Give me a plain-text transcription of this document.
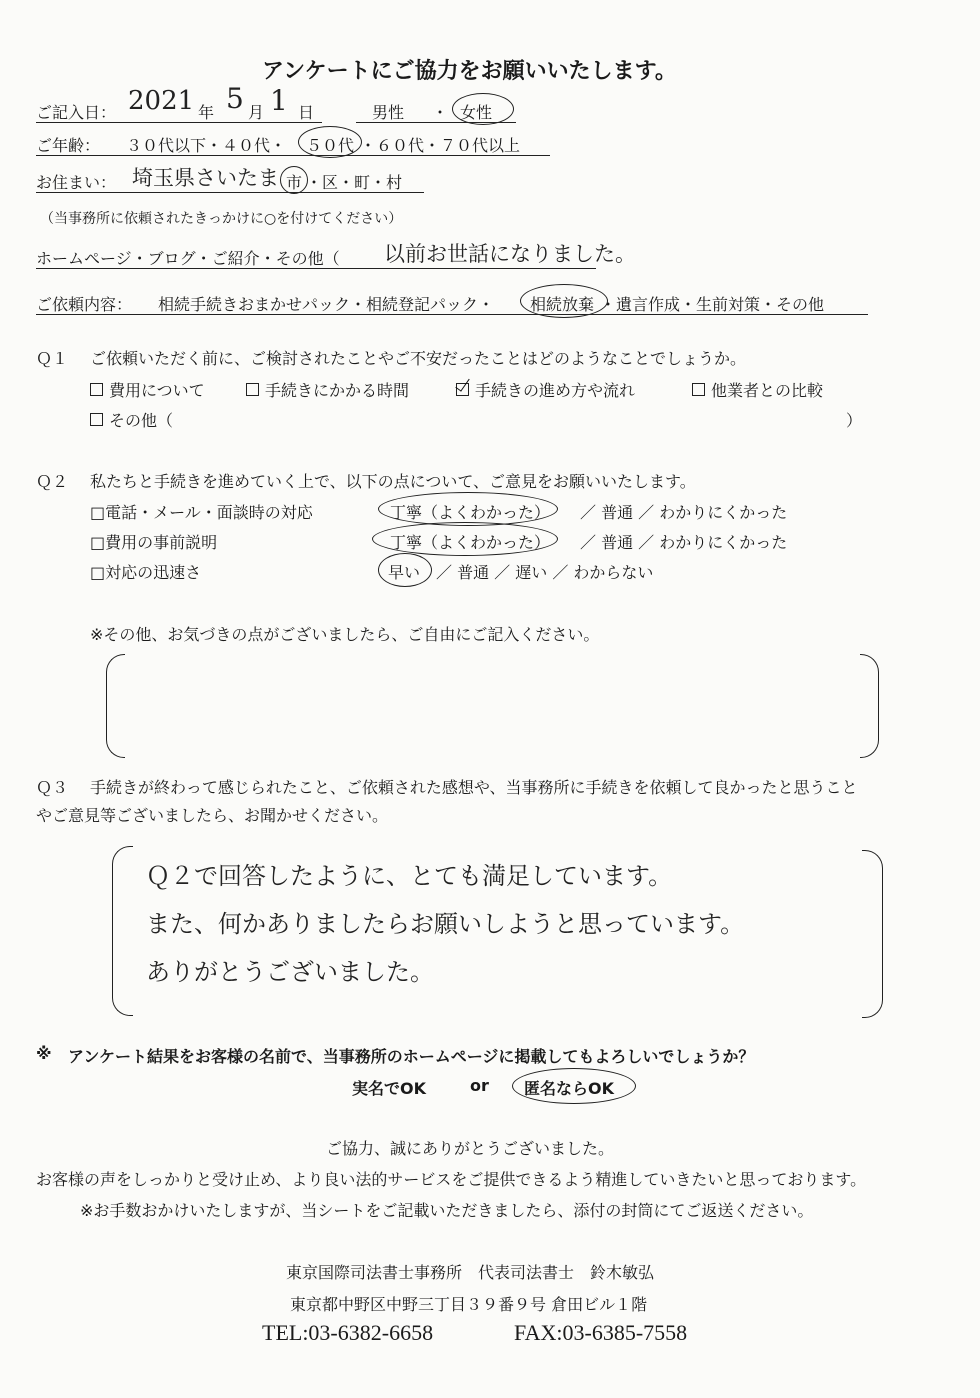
アンケートにご協力をお願いいたします。
ご記入日： 2021 年 5 月 1 日	男性 ・ 女性
ご年齢： ３０代以下・４０代・ ５０代 ・６０代・７０代以上
お住まい： 埼玉県さいたま 市 ・区・町・村
（当事務所に依頼されたきっかけに○を付けてください）
ホームページ・ブログ・ご紹介・その他（ 以前お世話になりました。
ご依頼内容： 相続手続きおまかせパック・相続登記パック・ 相続放棄 ・遺言作成・生前対策・その他
Ｑ１ ご依頼いただく前に、ご検討されたことやご不安だったことはどのようなことでしょうか。
費用について	手続きにかかる時間	手続きの進め方や流れ	他業者との比較
その他（	）
Ｑ２ 私たちと手続きを進めていく上で、以下の点について、ご意見をお願いいたします。
□電話・メール・面談時の対応	丁寧（よくわかった） ／ 普通 ／ わかりにくかった
□費用の事前説明	丁寧（よくわかった） ／ 普通 ／ わかりにくかった
□対応の迅速さ	早い ／ 普通 ／ 遅い ／ わからない
※その他、お気づきの点がございましたら、ご自由にご記入ください。
Ｑ３ 手続きが終わって感じられたこと、ご依頼された感想や、当事務所に手続きを依頼して良かったと思うこと
やご意見等ございましたら、お聞かせください。
Ｑ２で回答したように、とても満足しています。
また、何かありましたらお願いしようと思っています。
ありがとうございました。
※ アンケート結果をお客様の名前で、当事務所のホームページに掲載してもよろしいでしょうか？
実名でOK	or 匿名ならOK
ご協力、誠にありがとうございました。
お客様の声をしっかりと受け止め、より良い法的サービスをご提供できるよう精進していきたいと思っております。
※お手数おかけいたしますが、当シートをご記載いただきましたら、添付の封筒にてご返送ください。
東京国際司法書士事務所　代表司法書士　鈴木敏弘
東京都中野区中野三丁目３９番９号 倉田ビル１階
TEL:03-6382-6658	FAX:03-6385-7558
